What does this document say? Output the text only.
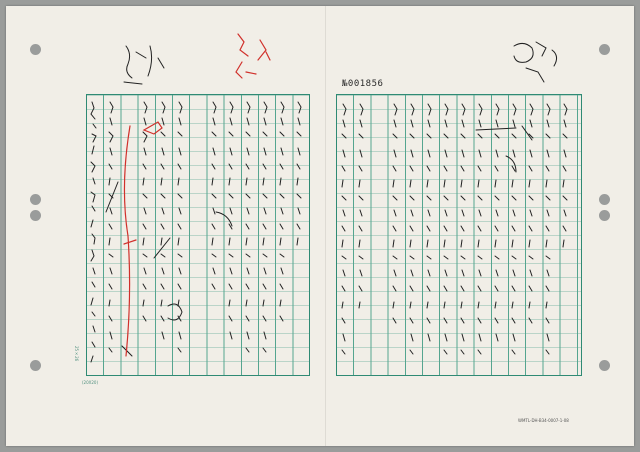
№001856
(20X20)
25×26
WMTL-DH-B34-0007-1-08
